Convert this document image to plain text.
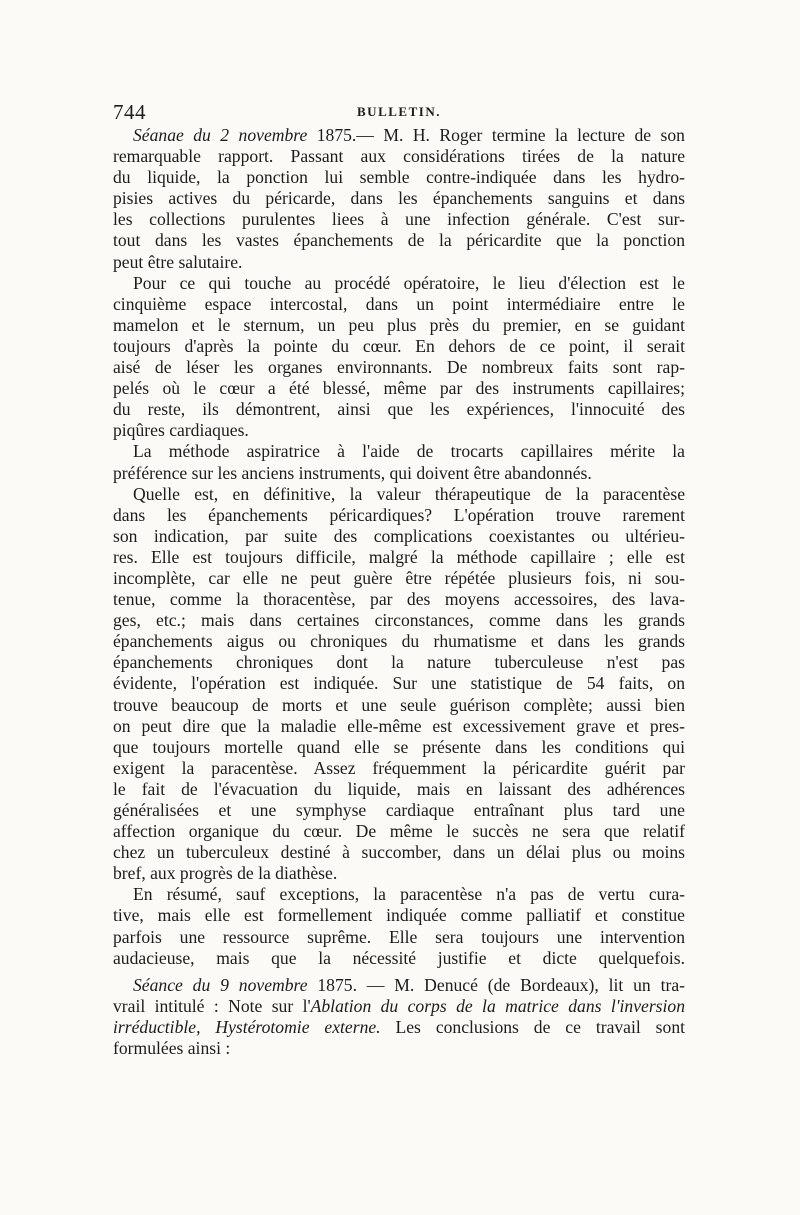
744	BULLETIN.
Séanae du 2 novembre 1875.— M. H. Roger termine la lecture de son
remarquable rapport. Passant aux considérations tirées de la nature
du liquide, la ponction lui semble contre-indiquée dans les hydro-
pisies actives du péricarde, dans les épanchements sanguins et dans
les collections purulentes liees à une infection générale. C'est sur-
tout dans les vastes épanchements de la péricardite que la ponction
peut être salutaire.
Pour ce qui touche au procédé opératoire, le lieu d'élection est le
cinquième espace intercostal, dans un point intermédiaire entre le
mamelon et le sternum, un peu plus près du premier, en se guidant
toujours d'après la pointe du cœur. En dehors de ce point, il serait
aisé de léser les organes environnants. De nombreux faits sont rap-
pelés où le cœur a été blessé, même par des instruments capillaires;
du reste, ils démontrent, ainsi que les expériences, l'innocuité des
piqûres cardiaques.
La méthode aspiratrice à l'aide de trocarts capillaires mérite la
préférence sur les anciens instruments, qui doivent être abandonnés.
Quelle est, en définitive, la valeur thérapeutique de la paracentèse
dans les épanchements péricardiques? L'opération trouve rarement
son indication, par suite des complications coexistantes ou ultérieu-
res. Elle est toujours difficile, malgré la méthode capillaire ; elle est
incomplète, car elle ne peut guère être répétée plusieurs fois, ni sou-
tenue, comme la thoracentèse, par des moyens accessoires, des lava-
ges, etc.; mais dans certaines circonstances, comme dans les grands
épanchements aigus ou chroniques du rhumatisme et dans les grands
épanchements chroniques dont la nature tuberculeuse n'est pas
évidente, l'opération est indiquée. Sur une statistique de 54 faits, on
trouve beaucoup de morts et une seule guérison complète; aussi bien
on peut dire que la maladie elle-même est excessivement grave et pres-
que toujours mortelle quand elle se présente dans les conditions qui
exigent la paracentèse. Assez fréquemment la péricardite guérit par
le fait de l'évacuation du liquide, mais en laissant des adhérences
généralisées et une symphyse cardiaque entraînant plus tard une
affection organique du cœur. De même le succès ne sera que relatif
chez un tuberculeux destiné à succomber, dans un délai plus ou moins
bref, aux progrès de la diathèse.
En résumé, sauf exceptions, la paracentèse n'a pas de vertu cura-
tive, mais elle est formellement indiquée comme palliatif et constitue
parfois une ressource suprême. Elle sera toujours une intervention
audacieuse, mais que la nécessité justifie et dicte quelquefois.
Séance du 9 novembre 1875. — M. Denucé (de Bordeaux), lit un tra-
vrail intitulé : Note sur l'Ablation du corps de la matrice dans l'inversion
irréductible, Hystérotomie externe. Les conclusions de ce travail sont
formulées ainsi :
